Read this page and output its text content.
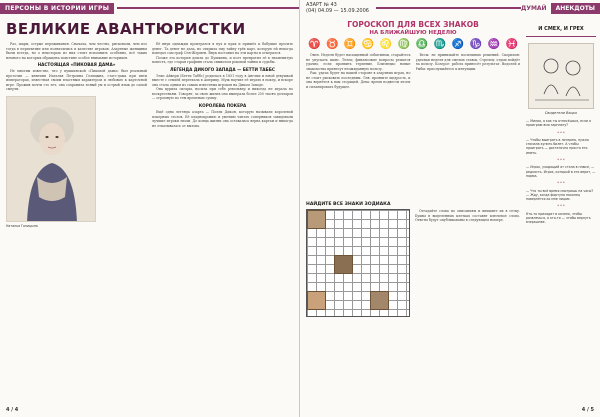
ПЕРСОНЫ В ИСТОРИИ ИГРЫ
ВЕЛИКИЕ АВАНТЮРИСТКИ

Раз, шарм, острые переживания. Сначала, чем честно, рисковали, чем кто тогда в перпективе или позначились в качестве игроков. Азартные женщины были всегда, но о некоторых из них стоит вспомнить особенно, всё таких немного на которых обращена поистине особое внимание историков.

НАСТОЯЩАЯ «ПИКОВАЯ ДАМА»

Не многим известно, что у пушкинской «Пиковой дамы» был реальный прототип — княгиня Наталья Петровна Голицына, статс-дама при пяти императорах, известная своим властным характером и любовью к карточной игре. Прожив почти сто лет, она сохранила ясный ум и острый язык до самой смерти.

Наталья Голицына

Её внук однажды проигрался в пух и прах и пришёл к бабушке просить денег. Та денег не дала, но открыла ему тайну трёх карт, которую ей некогда поведал сам граф Сен-Жермен. Внук поставил на эти карты и отыгрался.

Позже эта история дошла до Пушкина, и поэт превратил её в знаменитую повесть, где старая графиня стала символом роковой тайны и судьбы.

ЛЕГЕНДА ДИКОГО ЗАПАДА — БЕТТИ ТАББС

Элис Айвери (Бетти Таббс) родилась в 1851 году в Англии и юной девушкой вместе с семьёй переехала в Америку. Муж научил её играть в покер, и вскоре она стала одним из самых известных игроков на Диком Западе.

Она курила сигары, носила при себе револьвер и никогда не играла по воскресеньям. Говорят, за свою жизнь она выиграла более 250 тысяч долларов — огромную по тем временам сумму.

КОРОЛЕВА ПОКЕРА

Ещё одна легенда азарта — Полли Дикон, которую называли королевой покерных столов. Её хладнокровию и умению читать соперников завидовали лучшие игроки эпохи. До конца жизни она оставалась верна картам и никогда не отказывалась от вызова.

4 / 4
АЗАРТ № 43
(04) 04.09 — 15.09.2006	ДУМАЙ	АНЕКДОТЫ
ГОРОСКОП ДЛЯ ВСЕХ ЗНАКОВ
НА БЛИЖАЙШУЮ НЕДЕЛЮ
♈ ♉ ♊ ♋ ♌ ♍ ♎ ♏ ♐ ♑ ♒ ♓

Овен. Неделя будет насыщенной событиями, старайтесь не упускать шанс. Телец: финансовые вопросы решатся удачно, если проявить терпение. Близнецы: новые знакомства принесут неожиданную пользу.

Рак: удача будет на вашей стороне в азартных играх, но не стоит рисковать последним. Лев: проявите щедрость, и она вернётся к вам сторицей. Дева: время подвести итоги и спланировать будущее.

Весы: не принимайте поспешных решений. Скорпион: удачная неделя для смелых ставок. Стрелец: отдых пойдёт на пользу. Козерог: работа принесёт результат. Водолей и Рыбы: прислушайтесь к интуиции.

НАЙДИТЕ ВСЕ ЗНАКИ ЗОДИАКА

Отгадайте слова по описаниям и впишите их в сетку. Буквы в выделенных клетках составят ключевое слово. Ответы будут опубликованы в следующем номере.

И СМЕХ, И ГРЕХ
Свидетели Вацко

— Милая, а как ты отнесёшься, если я проиграю всю зарплату?

* * *

— Чтобы выиграть в лотерею, нужно сначала купить билет. А чтобы проиграть — достаточно просто его иметь.

* * *

— Игрок, уходящий от стола в плюсе, — редкость. Игрок, который в это верит, — норма.

* * *

— Что ты всё время смотришь на часы? — Жду, когда фортуна наконец повернётся ко мне лицом.

* * *

Кто-то приходит в казино, чтобы развлечься, а кто-то — чтобы вернуть вчерашнее.

4 / 5
